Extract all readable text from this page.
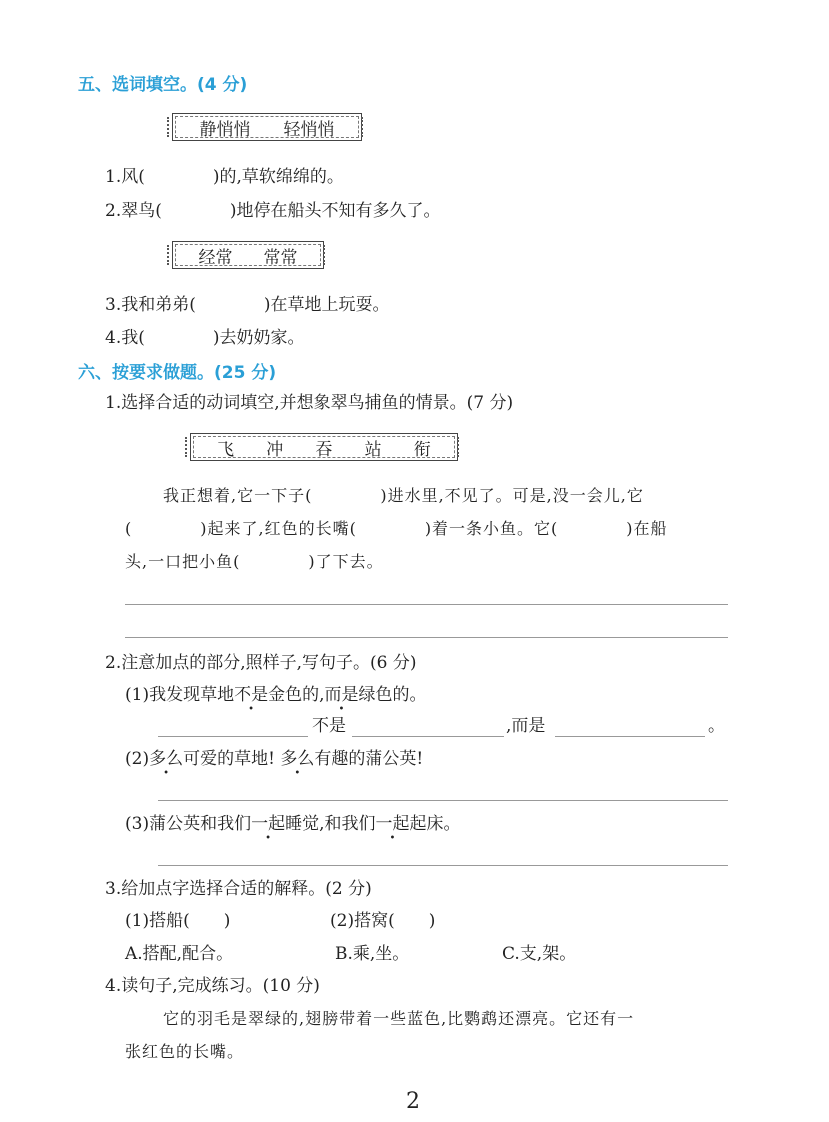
五、选词填空。(4 分)
静悄悄 轻悄悄
1.风(　　　　)的,草软绵绵的。
2.翠鸟(　　　　)地停在船头不知有多久了。
经常 常常
3.我和弟弟(　　　　)在草地上玩耍。
4.我(　　　　)去奶奶家。
六、按要求做题。(25 分)
1.选择合适的动词填空,并想象翠鸟捕鱼的情景。(7 分)
飞 冲 吞 站 衔
我正想着,它一下子(　　　　)进水里,不见了。可是,没一会儿,它
(　　　　)起来了,红色的长嘴(　　　　)着一条小鱼。它(　　　　)在船
头,一口把小鱼(　　　　)了下去。
2.注意加点的部分,照样子,写句子。(6 分)
(1)我发现草地不是金色的,而是绿色的。
不是	,而是	。
(2)多么可爱的草地! 多么有趣的蒲公英!
(3)蒲公英和我们一起睡觉,和我们一起起床。
3.给加点字选择合适的解释。(2 分)
(1)搭船(　　)	(2)搭窝(　　)
A.搭配,配合。	B.乘,坐。	C.支,架。
4.读句子,完成练习。(10 分)
它的羽毛是翠绿的,翅膀带着一些蓝色,比鹦鹉还漂亮。它还有一
张红色的长嘴。
2
